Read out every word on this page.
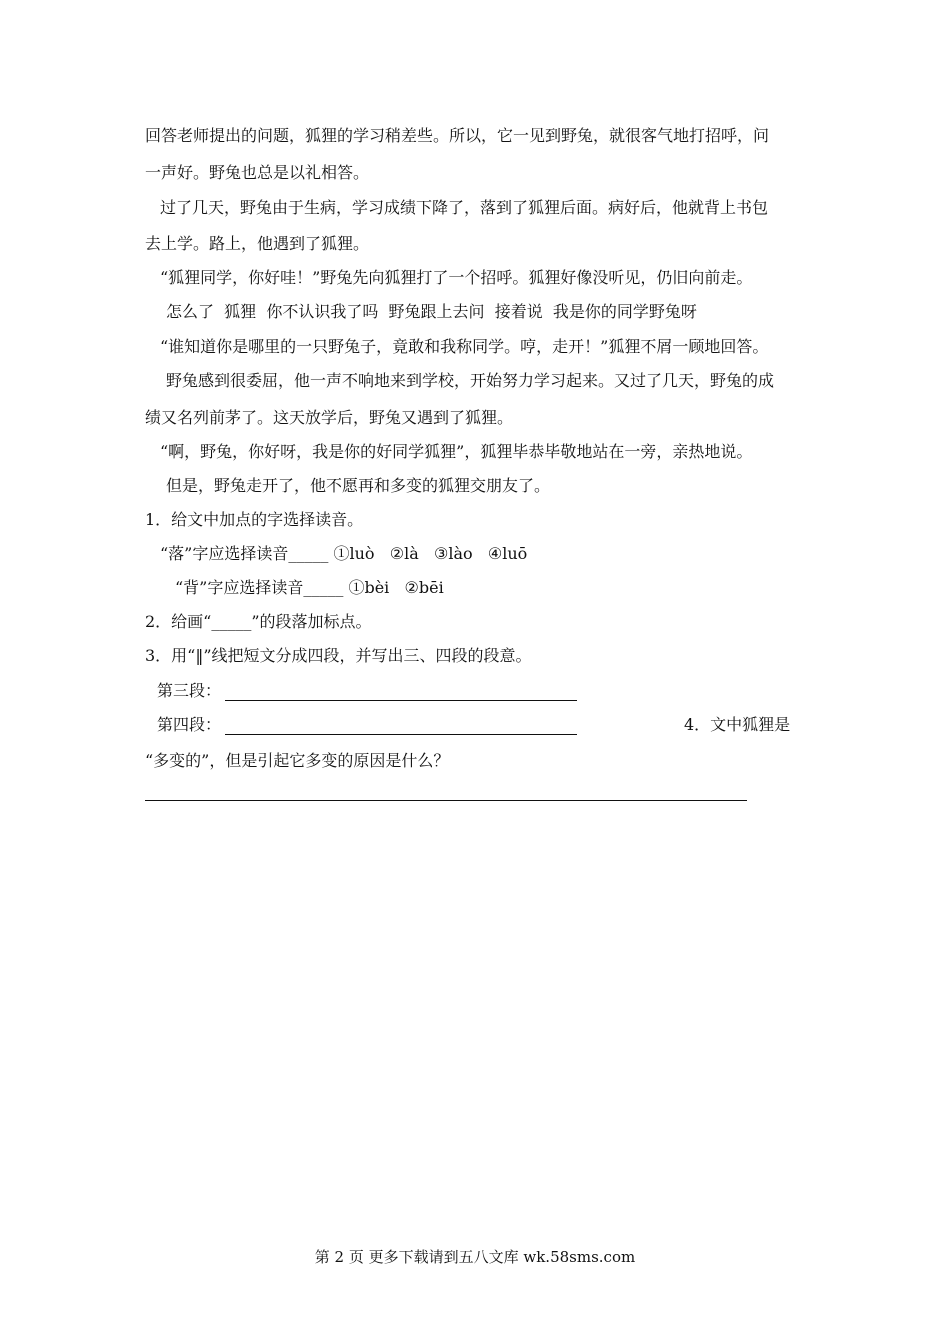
回答老师提出的问题，狐狸的学习稍差些。所以，它一见到野兔，就很客气地打招呼，问
一声好。野兔也总是以礼相答。
过了几天，野兔由于生病，学习成绩下降了，落到了狐狸后面。病好后，他就背上书包
去上学。路上，他遇到了狐狸。
“狐狸同学，你好哇！”野兔先向狐狸打了一个招呼。狐狸好像没听见，仍旧向前走。
怎么了  狐狸  你不认识我了吗  野兔跟上去问  接着说  我是你的同学野兔呀
“谁知道你是哪里的一只野兔子，竟敢和我称同学。哼，走开！”狐狸不屑一顾地回答。
野兔感到很委屈，他一声不响地来到学校，开始努力学习起来。又过了几天，野兔的成
绩又名列前茅了。这天放学后，野兔又遇到了狐狸。
“啊，野兔，你好呀，我是你的好同学狐狸”，狐狸毕恭毕敬地站在一旁，亲热地说。
但是，野兔走开了，他不愿再和多变的狐狸交朋友了。
1．给文中加点的字选择读音。
“落”字应选择读音_____ ①luò   ②là   ③lào   ④luō
“背”字应选择读音_____ ①bèi   ②bēi
2．给画“_____”的段落加标点。
3．用“‖”线把短文分成四段，并写出三、四段的段意。
第三段：
第四段：	4．文中狐狸是
“多变的”，但是引起它多变的原因是什么？
第 2 页 更多下载请到五八文库 wk.58sms.com
